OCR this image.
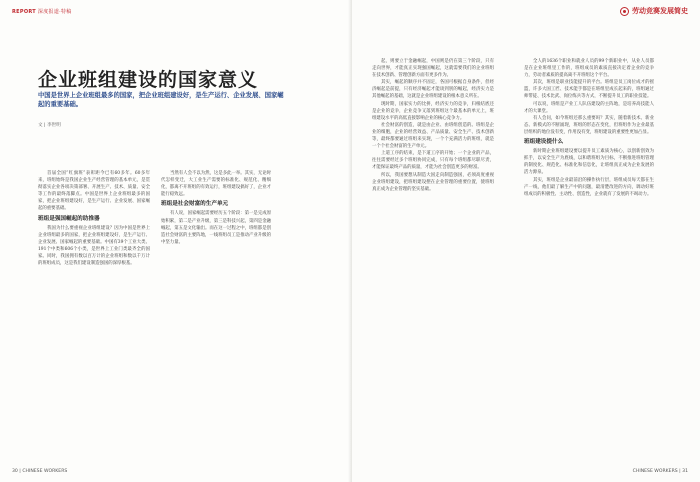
REPORT 深度报道·特稿
企业班组建设的国家意义
中国是世界上企业班组最多的国家，把企业班组建设好，是生产运行、企业发展、国家崛起的重要基础。
文 | 李世明

首届全国“红旗班”表彰距今已有60多年。60多年来，班组始终是我国企业生产经营管理的基本单元，是贯彻落实企业各项决策部署、开展生产、技术、质量、安全等工作的最终落脚点。中国是世界上企业班组最多的国家，把企业班组建设好，是生产运行、企业发展、国家崛起的重要基础。

班组是强国崛起的助推器

我国为什么要重视企业班组建设？因为中国是世界上企业班组最多的国家，把企业班组建设好，是生产运行、企业发展、国家崛起的重要基础。中国有39个工业大类、191个中类和606个小类，是世界上工业门类最齐全的国家。同时，我国拥有数以百万计的企业班组和数以千万计的班组成员，这是我们建设制造强国的深厚根基。

当然有人会不以为然，这是多此一举。其实，无论时代怎样变迁，大工业生产需要的标准化、规范化、精细化，都离不开班组的有效运行，班组建设搞好了，企业才能行稳致远。

班组是社会财富的生产单元

有人说，国家崛起需要经历五个阶段：第一是完成原始积累，第二是产业升级，第三是科技兴起，第四是金融崛起，第五是文化输出。而在这一过程之中，班组都是创造社会财富的主要阵地，一线班组员工是推动产业升级的中坚力量。

30 | CHINESE WORKERS
劳动竞赛发展简史

起，则要立于金融崛起，中国则是仍在第三个阶段，只有走向世界，才能真正实现强国崛起，这就需要我们的企业班组在技术创新、管理创新方面有更多作为。

其实，崛起的顺序并不固定，各国可根据自身条件，但经济崛起是前提，只有经济崛起才能谈到别的崛起，经济实力是其他崛起的基础，这就是企业班组建设的根本意义所在。

现时期，国家实力的比拼，经济实力的竞争，归根结底还是企业的竞争，企业竞争又落到班组这个最基本的单元上，班组建设水平的高低直接影响企业的核心竞争力。

社会财富的创造，就是由企业、由班组创造的。班组是企业的细胞，企业的经营效益、产品质量、安全生产、技术创新等，最终都要通过班组来实现，一个个充满活力的班组，就是一个个社会财富的生产单元。

上道工序的结束，是下道工序的开始；一个企业的产品，往往需要经过多个班组协同完成，只有每个班组都尽职尽责，才能保证最终产品的质量，才能为社会创造更多的财富。

所以，我国要想从制造大国走向制造强国，必须高度重视企业班组建设，把班组建设摆在企业管理的重要位置，使班组真正成为企业管理的坚实基础。

全人的1636个职业和就业人员的99个新职业中，从业人员都是在企业班组里工作的，班组成员的素质直接决定着企业的竞争力，劳动者素质的提高离不开班组这个平台。

其次，班组是职业技能提升的平台。班组是员工岗位成才的摇篮，许多大国工匠、技术能手都是在班组里成长起来的，班组通过师带徒、技术比武、岗位练兵等方式，不断提升员工的职业技能。

可以说，班组是产业工人队伍建设的主阵地，是培养高技能人才的大课堂。

有人会问，如今班组还那么重要吗？其实，随着新技术、新业态、新模式的不断涌现，班组的形态在变化，但班组作为企业最基层组织的地位没有变，作用没有变，班组建设的重要性更加凸显。

班组建设提什么

新时期企业班组建设要以提升员工素质为核心，以创新创效为抓手，以安全生产为底线，以和谐班组为目标，不断推进班组管理的制度化、规范化、标准化和信息化，让班组真正成为企业发展的活力源泉。

其实，班组是企业最前沿的操作执行层，班组成员每天都在生产一线，他们最了解生产中的问题，最清楚改进的方向，调动好班组成员的积极性、主动性、创造性，企业就有了发展的不竭动力。

CHINESE WORKERS | 31
